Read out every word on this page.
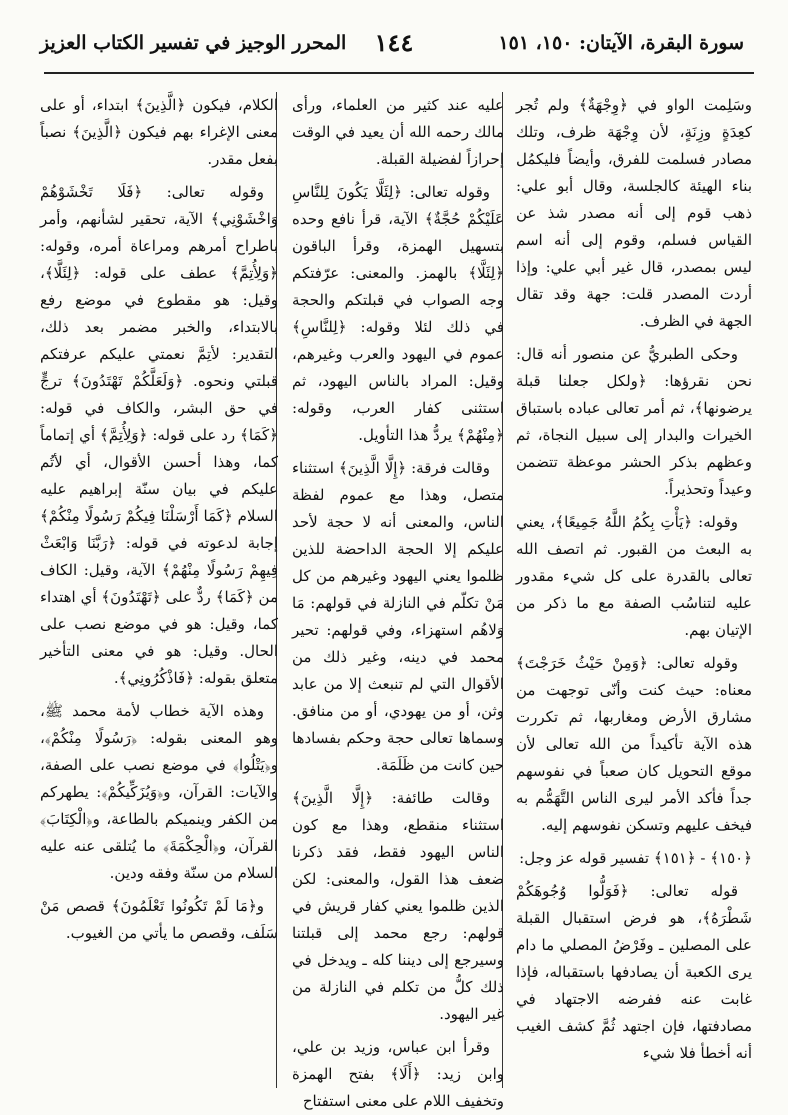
سورة البقرة، الآيتان: ١٥٠، ١٥١
١٤٤
المحرر الوجيز في تفسير الكتاب العزيز

وسَلِمت الواو في ﴿وِجْهَةٌ﴾ ولم تُجر كعِدَةٍ وزِنَةٍ، لأن وِجْهَة ظرف، وتلك مصادر فسلمت للفرق، وأيضاً فليكمُل بناء الهيئة كالجلسة، وقال أبو علي: ذهب قوم إلى أنه مصدر شذ عن القياس فسلم، وقوم إلى أنه اسم ليس بمصدر، قال غير أبي علي: وإذا أردت المصدر قلت: جهة وقد تقال الجهة في الظرف.

وحكى الطبريُّ عن منصور أنه قال: نحن نقرؤها: ﴿ولكل جعلنا قبلة يرضونها﴾، ثم أمر تعالى عباده باستباق الخيرات والبدار إلى سبيل النجاة، ثم وعظهم بذكر الحشر موعظة تتضمن وعيداً وتحذيراً.

وقوله: ﴿يَأْتِ بِكُمُ اللَّهُ جَمِيعًا﴾، يعني به البعث من القبور. ثم اتصف الله تعالى بالقدرة على كل شيء مقدور عليه لتناسُب الصفة مع ما ذكر من الإتيان بهم.

وقوله تعالى: ﴿وَمِنْ حَيْثُ خَرَجْتَ﴾ معناه: حيث كنت وأنّى توجهت من مشارق الأرض ومغاربها، ثم تكررت هذه الآية تأكيداً من الله تعالى لأن موقع التحويل كان صعباً في نفوسهم جداً فأكد الأمر ليرى الناس التَّهَمُّم به فيخف عليهم وتسكن نفوسهم إليه.

﴿١٥٠﴾ - ﴿١٥١﴾ تفسير قوله عز وجل:

قوله تعالى: ﴿فَوَلُّوا وُجُوهَكُمْ شَطْرَهُ﴾، هو فرض استقبال القبلة على المصلين ـ وفَرْضُ المصلي ما دام يرى الكعبة أن يصادفها باستقباله، فإذا غابت عنه ففرضه الاجتهاد في مصادفتها، فإن اجتهد ثُمَّ كشف الغيب أنه أخطأ فلا شيء

عليه عند كثير من العلماء، ورأى مالك رحمه الله أن يعيد في الوقت إحرازاً لفضيلة القبلة.

وقوله تعالى: ﴿لِئَلَّا يَكُونَ لِلنَّاسِ عَلَيْكُمْ حُجَّةٌ﴾ الآية، قرأ نافع وحده بتسهيل الهمزة، وقرأ الباقون ﴿لِئَلَّا﴾ بالهمز. والمعنى: عرّفتكم وجه الصواب في قبلتكم والحجة في ذلك لئلا وقوله: ﴿لِلنَّاسِ﴾ عموم في اليهود والعرب وغيرهم، وقيل: المراد بالناس اليهود، ثم استثنى كفار العرب، وقوله: ﴿مِنْهُمْ﴾ يردُّ هذا التأويل.

وقالت فرقة: ﴿إِلَّا الَّذِينَ﴾ استثناء متصل، وهذا مع عموم لفظة الناس، والمعنى أنه لا حجة لأحد عليكم إلا الحجة الداحضة للذين ظلموا يعني اليهود وغيرهم من كل مَنْ تكلّم في النازلة في قولهم: مَا وَلاهُم استهزاء، وفي قولهم: تحير محمد في دينه، وغير ذلك من الأقوال التي لم تنبعث إلا من عابد وثن، أو من يهودي، أو من منافق. وسماها تعالى حجة وحكم بفسادها حين كانت من ظَلَمَة.

وقالت طائفة: ﴿إِلَّا الَّذِينَ﴾ استثناء منقطع، وهذا مع كون الناس اليهود فقط، فقد ذكرنا ضعف هذا القول، والمعنى: لكن الذين ظلموا يعني كفار قريش في قولهم: رجع محمد إلى قبلتنا وسيرجع إلى ديننا كله ـ ويدخل في ذلك كلُّ من تكلم في النازلة من غير اليهود.

وقرأ ابن عباس، وزيد بن علي، وابن زيد: ﴿أَلَا﴾ بفتح الهمزة وتخفيف اللام على معنى استفتاح

الكلام، فيكون ﴿الَّذِينَ﴾ ابتداء، أو على معنى الإغراء بهم فيكون ﴿الَّذِينَ﴾ نصباً بفعل مقدر.

وقوله تعالى: ﴿فَلَا تَخْشَوْهُمْ وَاخْشَوْنِي﴾ الآية، تحقير لشأنهم، وأمر باطراح أمرهم ومراعاة أمره، وقوله: ﴿وَلِأُتِمَّ﴾ عطف على قوله: ﴿لِئَلَّا﴾، وقيل: هو مقطوع في موضع رفع بالابتداء، والخبر مضمر بعد ذلك، التقدير: لأتِمَّ نعمتي عليكم عرفتكم قبلتي ونحوه. ﴿وَلَعَلَّكُمْ تَهْتَدُونَ﴾ ترجٍّ في حق البشر، والكاف في قوله: ﴿كَمَا﴾ رد على قوله: ﴿وَلِأُتِمَّ﴾ أي إتماماً كما، وهذا أحسن الأقوال، أي لأتُم عليكم في بيان سنّة إبراهيم عليه السلام ﴿كَمَا أَرْسَلْنَا فِيكُمْ رَسُولًا مِنْكُمْ﴾ إجابة لدعوته في قوله: ﴿رَبَّنَا وَابْعَثْ فِيهِمْ رَسُولًا مِنْهُمْ﴾ الآية، وقيل: الكاف من ﴿كَمَا﴾ ردٌّ على ﴿تَهْتَدُونَ﴾ أي اهتداء كما، وقيل: هو في موضع نصب على الحال. وقيل: هو في معنى التأخير متعلق بقوله: ﴿فَاذْكُرُونِي﴾.

وهذه الآية خطاب لأمة محمد ﷺ، وهو المعنى بقوله: ﴿رَسُولًا مِنْكُمْ﴾، و﴿يَتْلُوا﴾ في موضع نصب على الصفة، والآيات: القرآن، و﴿وَيُزَكِّيكُمْ﴾: يطهركم من الكفر وينميكم بالطاعة، و﴿الْكِتَابَ﴾ القرآن، و﴿الْحِكْمَةَ﴾ ما يُتلقى عنه عليه السلام من سنّة وفقه ودين.

و﴿مَا لَمْ تَكُونُوا تَعْلَمُونَ﴾ قصص مَنْ سَلَف، وقصص ما يأتي من الغيوب.
